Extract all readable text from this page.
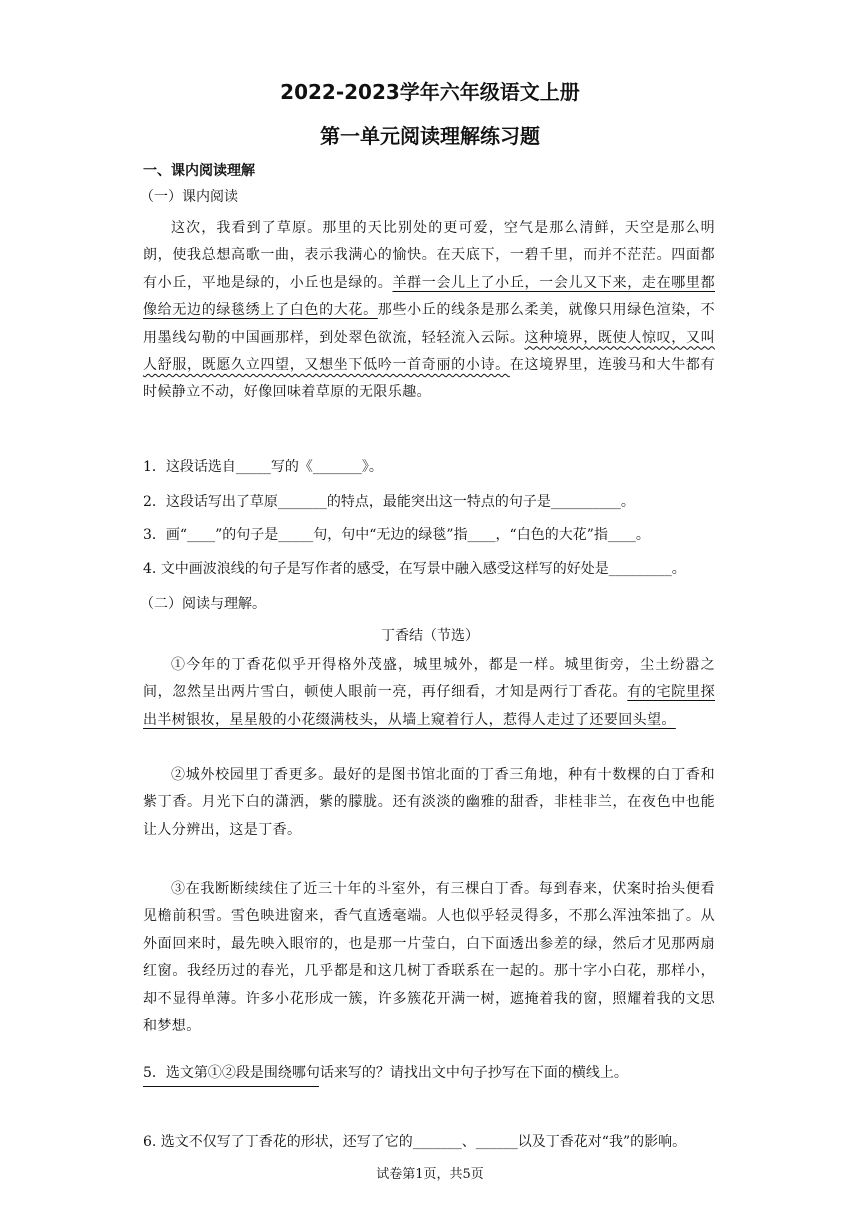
2022-2023学年六年级语文上册
第一单元阅读理解练习题
一、课内阅读理解
（一）课内阅读

这次，我看到了草原。那里的天比别处的更可爱，空气是那么清鲜，天空是那么明朗，使我总想高歌一曲，表示我满心的愉快。在天底下，一碧千里，而并不茫茫。四面都有小丘，平地是绿的，小丘也是绿的。羊群一会儿上了小丘，一会儿又下来，走在哪里都像给无边的绿毯绣上了白色的大花。那些小丘的线条是那么柔美，就像只用绿色渲染，不用墨线勾勒的中国画那样，到处翠色欲流，轻轻流入云际。这种境界，既使人惊叹，又叫人舒服，既愿久立四望，又想坐下低吟一首奇丽的小诗。在这境界里，连骏马和大牛都有时候静立不动，好像回味着草原的无限乐趣。

1．这段话选自_____写的《_______》。
2．这段话写出了草原_______的特点，最能突出这一特点的句子是__________。
3．画“____”的句子是_____句，句中“无边的绿毯”指____，“白色的大花”指____。
4. 文中画波浪线的句子是写作者的感受，在写景中融入感受这样写的好处是_________。
（二）阅读与理解。
丁香结（节选）

①今年的丁香花似乎开得格外茂盛，城里城外，都是一样。城里街旁，尘土纷嚣之间，忽然呈出两片雪白，顿使人眼前一亮，再仔细看，才知是两行丁香花。有的宅院里探出半树银妆，星星般的小花缀满枝头，从墙上窥着行人，惹得人走过了还要回头望。

②城外校园里丁香更多。最好的是图书馆北面的丁香三角地，种有十数棵的白丁香和紫丁香。月光下白的潇洒，紫的朦胧。还有淡淡的幽雅的甜香，非桂非兰，在夜色中也能让人分辨出，这是丁香。

③在我断断续续住了近三十年的斗室外，有三棵白丁香。每到春来，伏案时抬头便看见檐前积雪。雪色映进窗来，香气直透毫端。人也似乎轻灵得多，不那么浑浊笨拙了。从外面回来时，最先映入眼帘的，也是那一片莹白，白下面透出参差的绿，然后才见那两扇红窗。我经历过的春光，几乎都是和这几树丁香联系在一起的。那十字小白花，那样小，却不显得单薄。许多小花形成一簇，许多簇花开满一树，遮掩着我的窗，照耀着我的文思和梦想。

5．选文第①②段是围绕哪句话来写的？请找出文中句子抄写在下面的横线上。
6. 选文不仅写了丁香花的形状，还写了它的_______、______以及丁香花对“我”的影响。
试卷第1页，共5页
